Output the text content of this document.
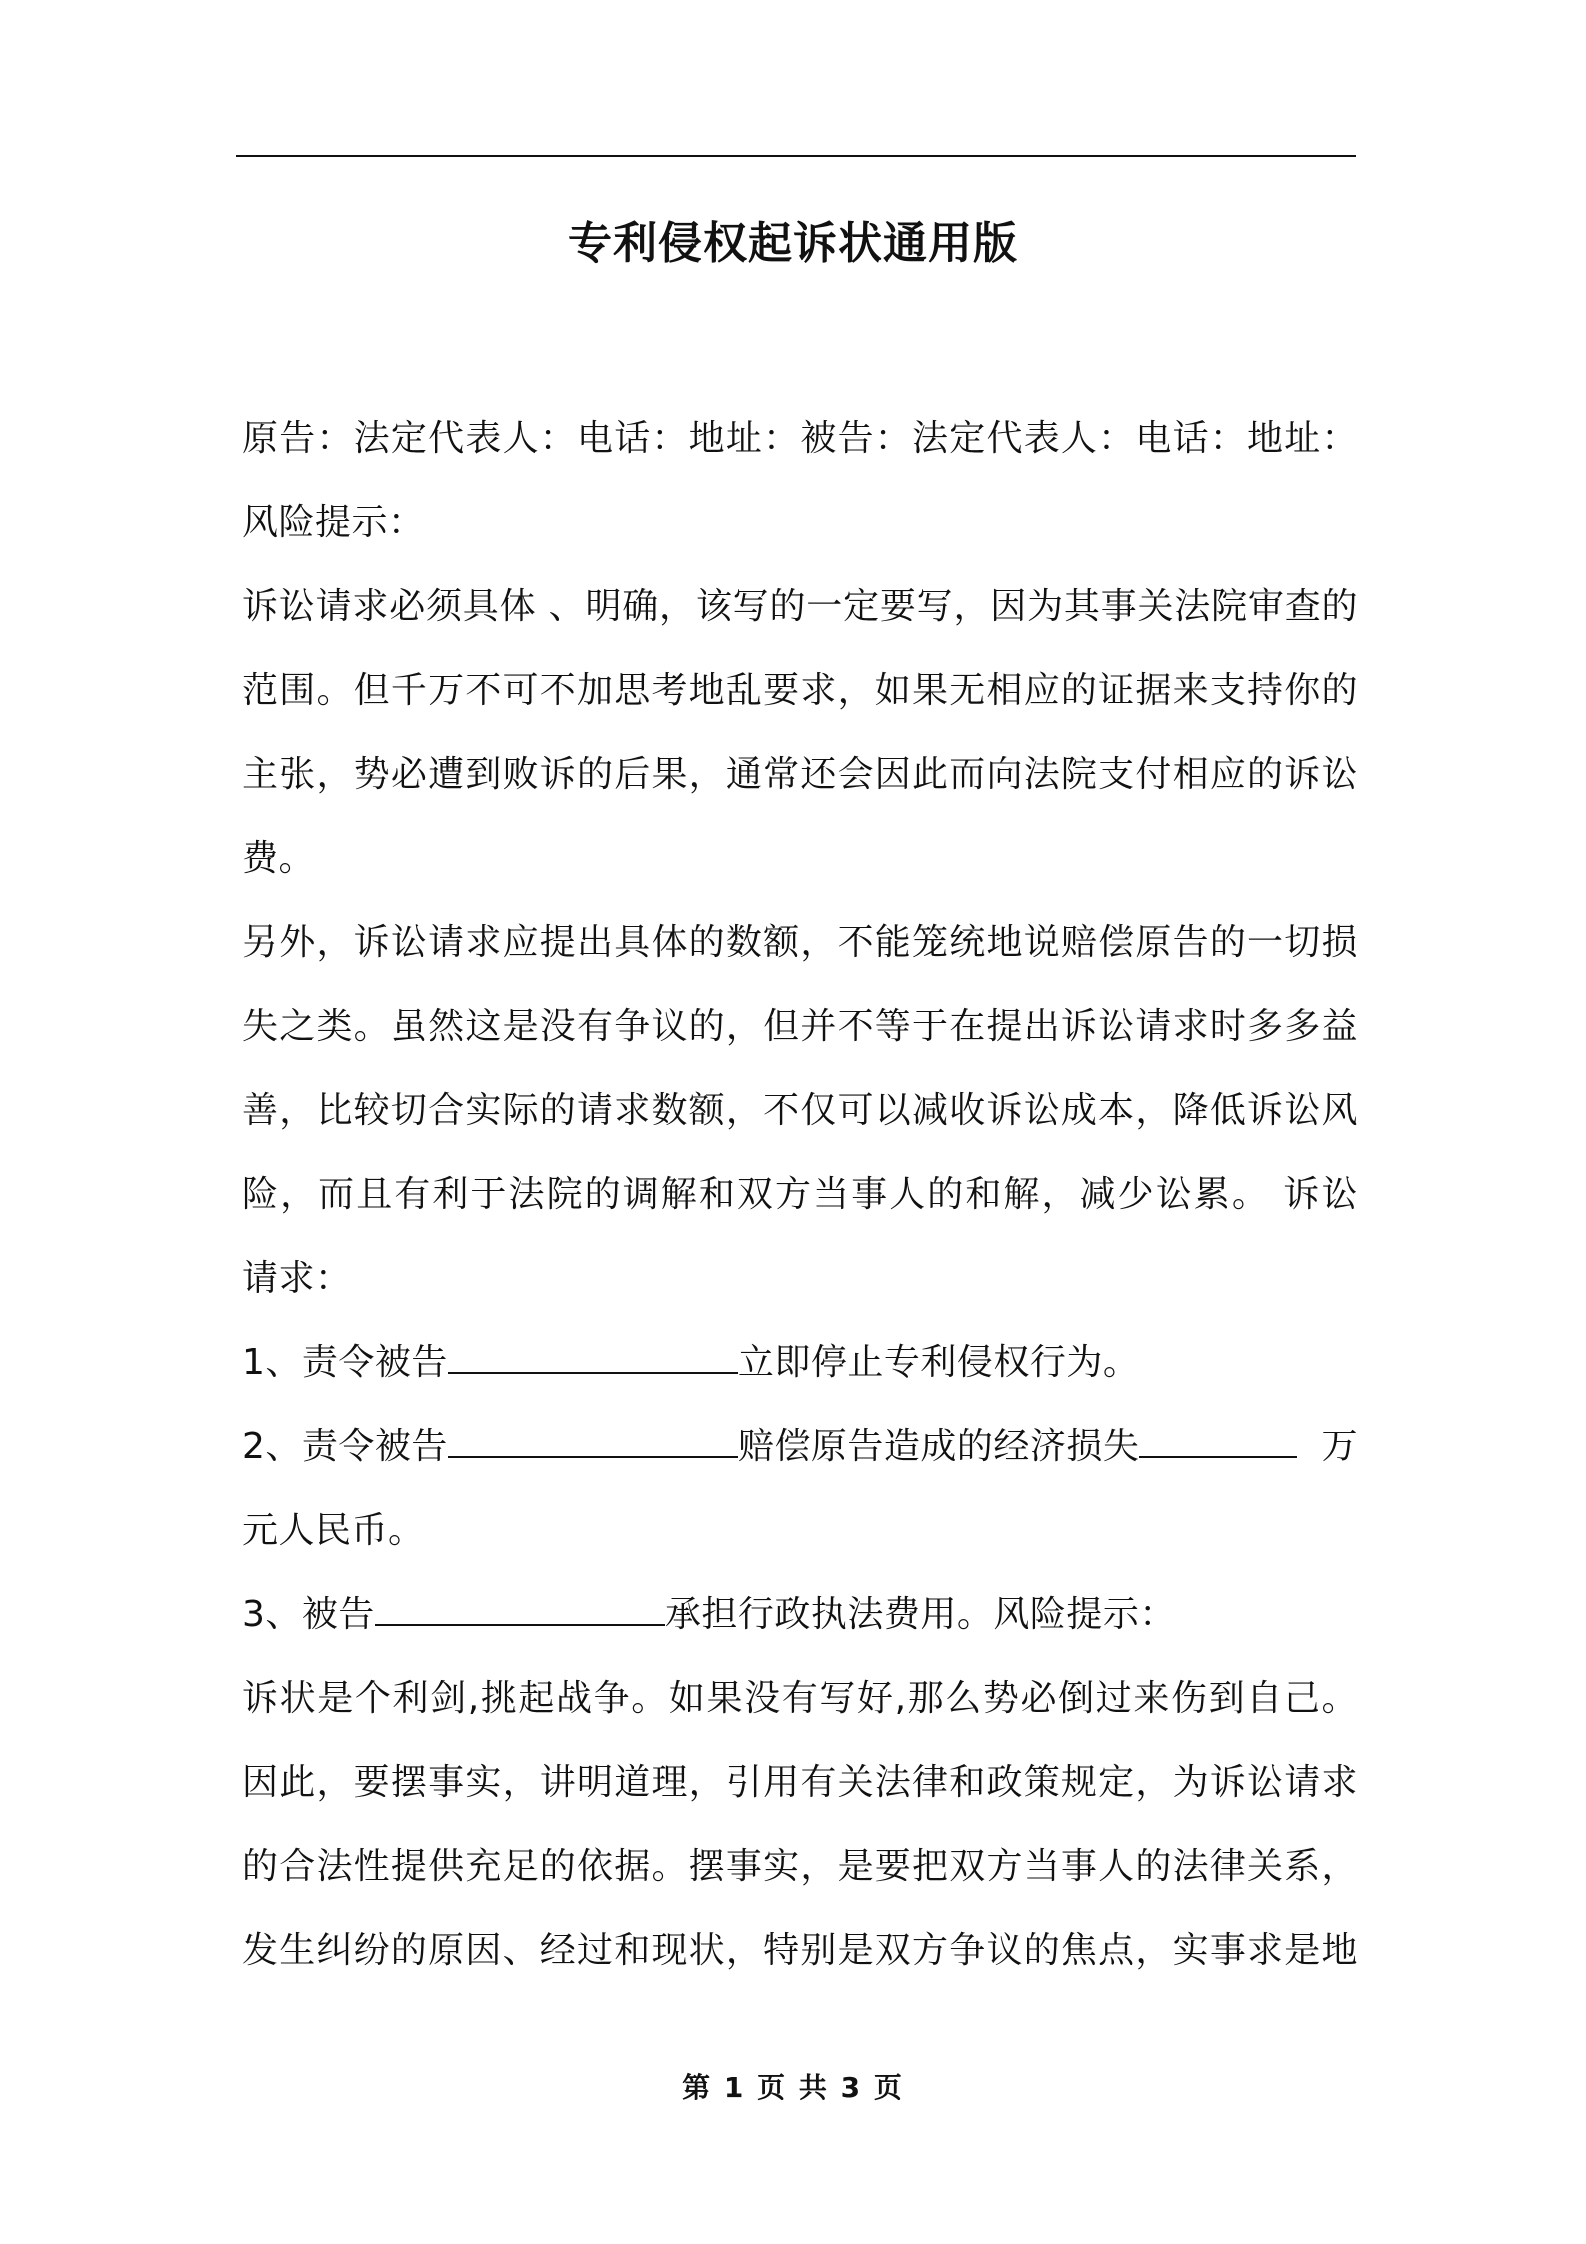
专利侵权起诉状通用版
原告：法定代表人：电话：地址：被告：法定代表人：电话：地址：
风险提示：
诉讼请求必须具体 、明确，该写的一定要写，因为其事关法院审查的
范围。但千万不可不加思考地乱要求，如果无相应的证据来支持你的
主张，势必遭到败诉的后果，通常还会因此而向法院支付相应的诉讼
费。
另外，诉讼请求应提出具体的数额，不能笼统地说赔偿原告的一切损
失之类。虽然这是没有争议的，但并不等于在提出诉讼请求时多多益
善，比较切合实际的请求数额，不仅可以减收诉讼成本，降低诉讼风
险，而且有利于法院的调解和双方当事人的和解，减少讼累。 诉讼
请求：
1、责令被告	立即停止专利侵权行为。
2、责令被告	赔偿原告造成的经济损失	万
元人民币。
3、被告	承担行政执法费用。风险提示：
诉状是个利剑,挑起战争。如果没有写好,那么势必倒过来伤到自己。
因此，要摆事实，讲明道理，引用有关法律和政策规定，为诉讼请求
的合法性提供充足的依据。摆事实，是要把双方当事人的法律关系，
发生纠纷的原因、经过和现状，特别是双方争议的焦点，实事求是地
第 1 页 共 3 页
